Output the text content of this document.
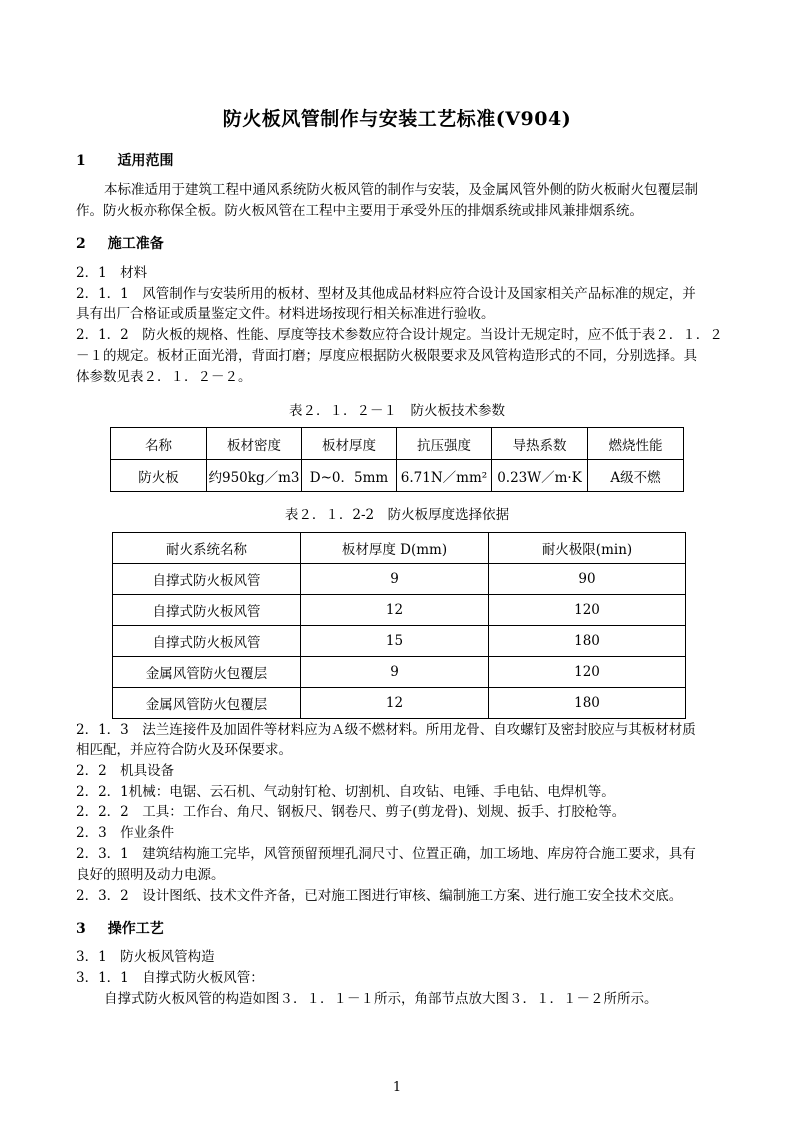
防火板风管制作与安装工艺标准(V904)
1 适用范围
本标准适用于建筑工程中通风系统防火板风管的制作与安装，及金属风管外侧的防火板耐火包覆层制
作。防火板亦称保全板。防火板风管在工程中主要用于承受外压的排烟系统或排风兼排烟系统。
2 施工准备
2．1　材料
2．1．1　风管制作与安装所用的板材、型材及其他成品材料应符合设计及国家相关产品标准的规定，并
具有出厂合格证或质量鉴定文件。材料进场按现行相关标准进行验收。
2．1．2　防火板的规格、性能、厚度等技术参数应符合设计规定。当设计无规定时，应不低于表２．１．２
－１的规定。板材正面光滑，背面打磨；厚度应根据防火极限要求及风管构造形式的不同，分别选择。具
体参数见表２．１．２－２。
表２．１．２－１　防火板技术参数
名称	板材密度	板材厚度	抗压强度	导热系数	燃烧性能
防火板	约950kg／m3	D~0．5mm	6.71N／mm²	0.23W／m·K	A级不燃
表２．１．2-2　防火板厚度选择依据
耐火系统名称	板材厚度 D(mm)	耐火极限(min)
自撑式防火板风管	9	90
自撑式防火板风管	12	120
自撑式防火板风管	15	180
金属风管防火包覆层	9	120
金属风管防火包覆层	12	180
2．1．3　法兰连接件及加固件等材料应为Ａ级不燃材料。所用龙骨、自攻螺钉及密封胶应与其板材材质
相匹配，并应符合防火及环保要求。
2．2　机具设备
2．2．1机械：电锯、云石机、气动射钉枪、切割机、自攻钻、电锤、手电钻、电焊机等。
2．2．2　工具：工作台、角尺、钢板尺、钢卷尺、剪子(剪龙骨)、划规、扳手、打胶枪等。
2．3　作业条件
2．3．1　建筑结构施工完毕，风管预留预埋孔洞尺寸、位置正确，加工场地、库房符合施工要求，具有
良好的照明及动力电源。
2．3．2　设计图纸、技术文件齐备，已对施工图进行审核、编制施工方案、进行施工安全技术交底。
3 操作工艺
3．1　防火板风管构造
3．1．1　自撑式防火板风管：
自撑式防火板风管的构造如图３．１．１－１所示，角部节点放大图３．１．１－２所所示。
1
